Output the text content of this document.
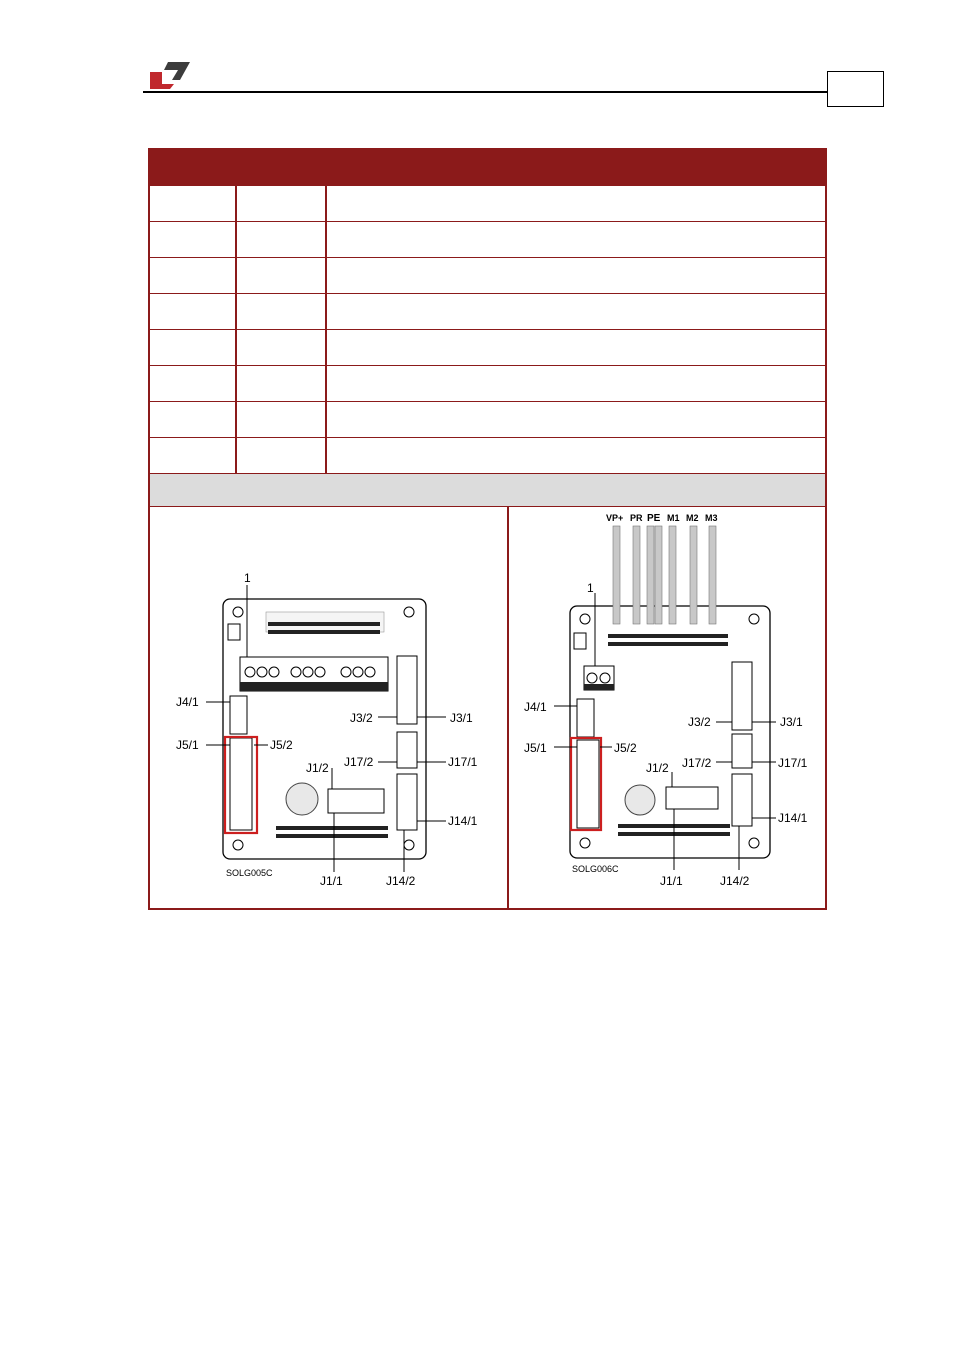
1
J4/1
J5/1	J5/2
J3/2	J3/1
J1/2 J17/2	J17/1
J14/1
J1/1	J14/2
SOLG005C
VP+ PR PE M1 M2 M3
1
J4/1
J5/1	J5/2
J3/2	J3/1
J1/2 J17/2	J17/1
J14/1
J1/1	J14/2
SOLG006C
